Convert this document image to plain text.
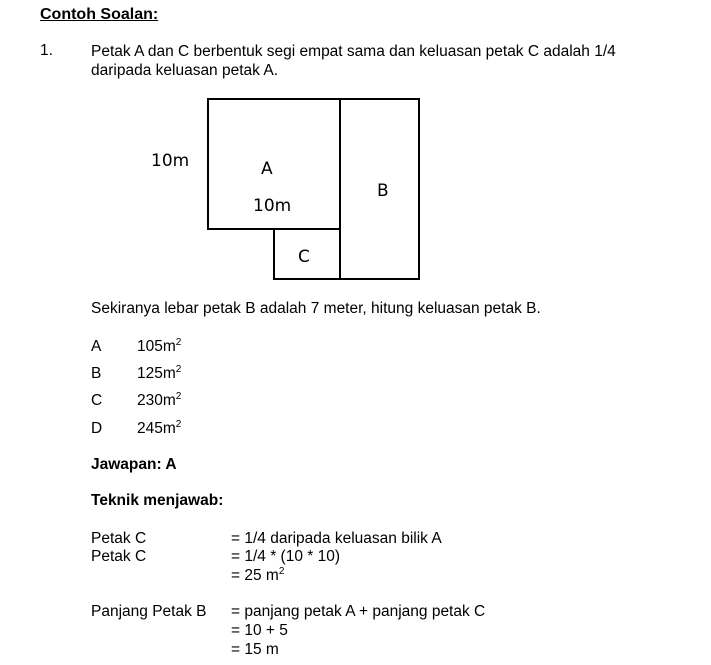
Contoh Soalan:
1. Petak A dan C berbentuk segi empat sama dan keluasan petak C adalah 1/4
daripada keluasan petak A.
10m	A
10m
B
C
Sekiranya lebar petak B adalah 7 meter, hitung keluasan petak B.
A $105m^2$
B $125m^2$
C $230m^2$
D $245m^2$
Jawapan: A
Teknik menjawab:
Petak C	= 1/4 daripada keluasan bilik A
Petak C	= 1/4 * (10 * 10)
= 25 $m^2$
Panjang Petak B = panjang petak A + panjang petak C
= 10 + 5
= 15 m
